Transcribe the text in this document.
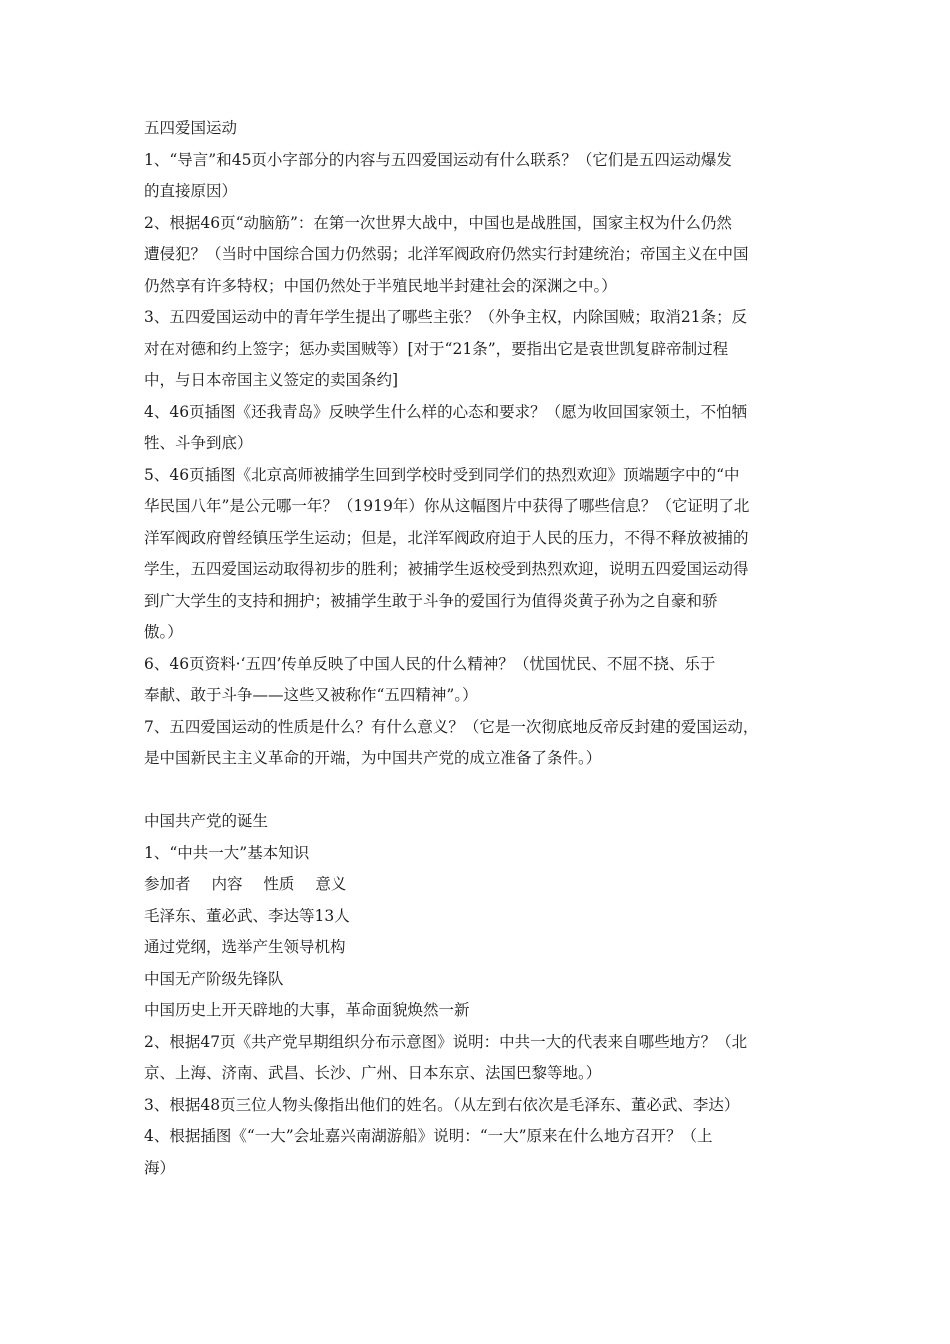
五四爱国运动
1、“导言”和45页小字部分的内容与五四爱国运动有什么联系？（它们是五四运动爆发
的直接原因）
2、根据46页“动脑筋”：在第一次世界大战中，中国也是战胜国，国家主权为什么仍然
遭侵犯？（当时中国综合国力仍然弱；北洋军阀政府仍然实行封建统治；帝国主义在中国
仍然享有许多特权；中国仍然处于半殖民地半封建社会的深渊之中。）
3、五四爱国运动中的青年学生提出了哪些主张？（外争主权，内除国贼；取消21条；反
对在对德和约上签字；惩办卖国贼等）[对于“21条”，要指出它是袁世凯复辟帝制过程
中，与日本帝国主义签定的卖国条约]
4、46页插图《还我青岛》反映学生什么样的心态和要求？（愿为收回国家领土，不怕牺
牲、斗争到底）
5、46页插图《北京高师被捕学生回到学校时受到同学们的热烈欢迎》顶端题字中的“中
华民国八年”是公元哪一年？（1919年）你从这幅图片中获得了哪些信息？（它证明了北
洋军阀政府曾经镇压学生运动；但是，北洋军阀政府迫于人民的压力，不得不释放被捕的
学生，五四爱国运动取得初步的胜利；被捕学生返校受到热烈欢迎，说明五四爱国运动得
到广大学生的支持和拥护；被捕学生敢于斗争的爱国行为值得炎黄子孙为之自豪和骄
傲。）
6、46页资料·‘五四’传单反映了中国人民的什么精神？（忧国忧民、不屈不挠、乐于
奉献、敢于斗争——这些又被称作“五四精神”。）
7、五四爱国运动的性质是什么？有什么意义？（它是一次彻底地反帝反封建的爱国运动，
是中国新民主主义革命的开端，为中国共产党的成立准备了条件。）
中国共产党的诞生
1、“中共一大”基本知识
参加者 内容 性质 意义
毛泽东、董必武、李达等13人
通过党纲，选举产生领导机构
中国无产阶级先锋队
中国历史上开天辟地的大事，革命面貌焕然一新
2、根据47页《共产党早期组织分布示意图》说明：中共一大的代表来自哪些地方？（北
京、上海、济南、武昌、长沙、广州、日本东京、法国巴黎等地。）
3、根据48页三位人物头像指出他们的姓名。（从左到右依次是毛泽东、董必武、李达）
4、根据插图《“一大”会址嘉兴南湖游船》说明：“一大”原来在什么地方召开？（上
海）
